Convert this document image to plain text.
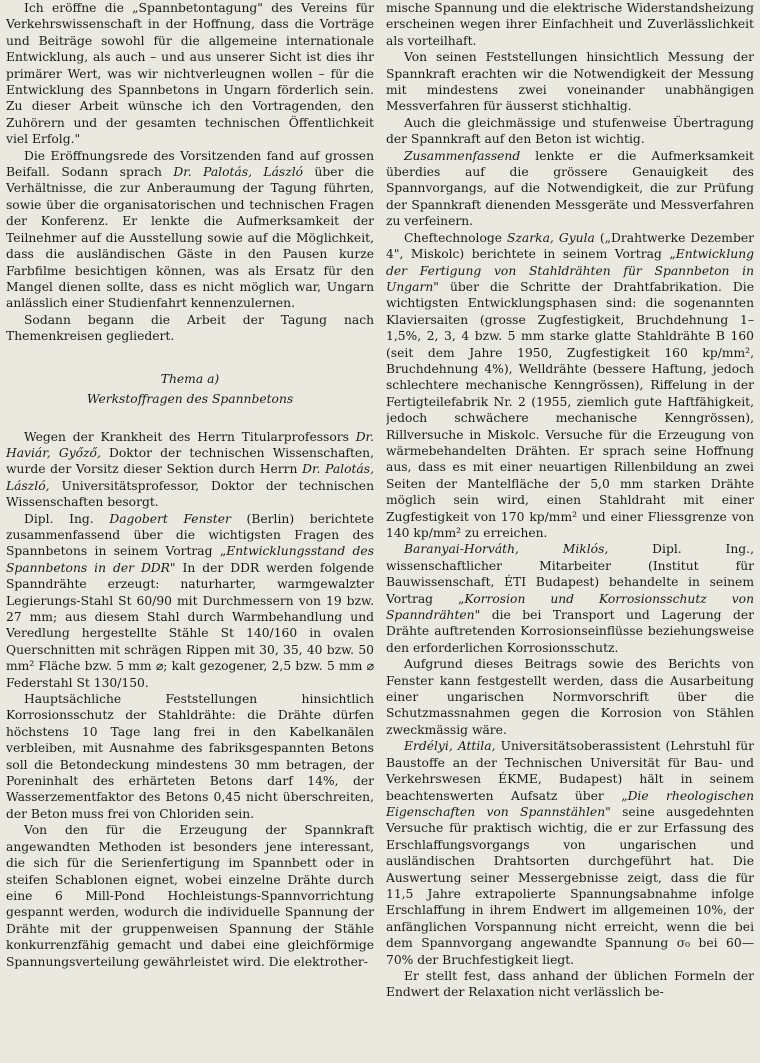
Ich eröffne die „Spannbetontagung" des Vereins für Verkehrswissenschaft in der Hoffnung, dass die Vorträge und Beiträge sowohl für die allgemeine internationale Entwicklung, als auch – und aus unserer Sicht ist dies ihr primärer Wert, was wir nichtverleugnen wollen – für die Entwicklung des Spannbetons in Ungarn förderlich sein. Zu dieser Arbeit wünsche ich den Vortragenden, den Zuhörern und der gesamten technischen Öffentlichkeit viel Erfolg."

Die Eröffnungsrede des Vorsitzenden fand auf grossen Beifall. Sodann sprach Dr. Palotás, László über die Verhältnisse, die zur Anberaumung der Tagung führten, sowie über die organisatorischen und technischen Fragen der Konferenz. Er lenkte die Aufmerksamkeit der Teilnehmer auf die Ausstellung sowie auf die Möglichkeit, dass die ausländischen Gäste in den Pausen kurze Farbfilme besichtigen können, was als Ersatz für den Mangel dienen sollte, dass es nicht möglich war, Ungarn anlässlich einer Studienfahrt kennenzulernen.

Sodann begann die Arbeit der Tagung nach Themenkreisen gegliedert.

Thema a)
Werkstoffragen des Spannbetons

Wegen der Krankheit des Herrn Titularprofessors Dr. Haviár, Győző, Doktor der technischen Wissenschaften, wurde der Vorsitz dieser Sektion durch Herrn Dr. Palotás, László, Universitätsprofessor, Doktor der technischen Wissenschaften besorgt.

Dipl. Ing. Dagobert Fenster (Berlin) berichtete zusammenfassend über die wichtigsten Fragen des Spannbetons in seinem Vortrag „Entwicklungsstand des Spannbetons in der DDR" In der DDR werden folgende Spanndrähte erzeugt: naturharter, warmgewalzter Legierungs-Stahl St 60/90 mit Durchmessern von 19 bzw. 27 mm; aus diesem Stahl durch Warmbehandlung und Veredlung hergestellte Stähle St 140/160 in ovalen Querschnitten mit schrägen Rippen mit 30, 35, 40 bzw. 50 mm² Fläche bzw. 5 mm ⌀; kalt gezogener, 2,5 bzw. 5 mm ⌀ Federstahl St 130/150.

Hauptsächliche Feststellungen hinsichtlich Korrosionsschutz der Stahldrähte: die Drähte dürfen höchstens 10 Tage lang frei in den Kabelkanälen verbleiben, mit Ausnahme des fabriksgespannten Betons soll die Betondeckung mindestens 30 mm betragen, der Poreninhalt des erhärteten Betons darf 14%, der Wasserzementfaktor des Betons 0,45 nicht überschreiten, der Beton muss frei von Chloriden sein.

Von den für die Erzeugung der Spannkraft angewandten Methoden ist besonders jene interessant, die sich für die Serienfertigung im Spannbett oder in steifen Schablonen eignet, wobei einzelne Drähte durch eine 6 Mill-Pond Hochleistungs-Spannvorrichtung gespannt werden, wodurch die individuelle Spannung der Drähte mit der gruppenweisen Spannung der Stähle konkurrenzfähig gemacht und dabei eine gleichförmige Spannungsverteilung gewährleistet wird. Die elektrother-

mische Spannung und die elektrische Widerstandsheizung erscheinen wegen ihrer Einfachheit und Zuverlässlichkeit als vorteilhaft.

Von seinen Feststellungen hinsichtlich Messung der Spannkraft erachten wir die Notwendigkeit der Messung mit mindestens zwei voneinander unabhängigen Messverfahren für äusserst stichhaltig.

Auch die gleichmässige und stufenweise Übertragung der Spannkraft auf den Beton ist wichtig.

Zusammenfassend lenkte er die Aufmerksamkeit überdies auf die grössere Genauigkeit des Spannvorgangs, auf die Notwendigkeit, die zur Prüfung der Spannkraft dienenden Messgeräte und Messverfahren zu verfeinern.

Cheftechnologe Szarka, Gyula („Drahtwerke Dezember 4", Miskolc) berichtete in seinem Vortrag „Entwicklung der Fertigung von Stahldrähten für Spannbeton in Ungarn" über die Schritte der Drahtfabrikation. Die wichtigsten Entwicklungsphasen sind: die sogenannten Klaviersaiten (grosse Zugfestigkeit, Bruchdehnung 1–1,5%, 2, 3, 4 bzw. 5 mm starke glatte Stahldrähte B 160 (seit dem Jahre 1950, Zugfestigkeit 160 kp/mm², Bruchdehnung 4%), Welldrähte (bessere Haftung, jedoch schlechtere mechanische Kenngrössen), Riffelung in der Fertigteilefabrik Nr. 2 (1955, ziemlich gute Haftfähigkeit, jedoch schwächere mechanische Kenngrössen), Rillversuche in Miskolc. Versuche für die Erzeugung von wärmebehandelten Drähten. Er sprach seine Hoffnung aus, dass es mit einer neuartigen Rillenbildung an zwei Seiten der Mantelfläche der 5,0 mm starken Drähte möglich sein wird, einen Stahldraht mit einer Zugfestigkeit von 170 kp/mm² und einer Fliessgrenze von 140 kp/mm² zu erreichen.

Baranyai-Horváth, Miklós, Dipl. Ing., wissenschaftlicher Mitarbeiter (Institut für Bauwissenschaft, ÉTI Budapest) behandelte in seinem Vortrag „Korrosion und Korrosionsschutz von Spanndrähten" die bei Transport und Lagerung der Drähte auftretenden Korrosionseinflüsse beziehungsweise den erforderlichen Korrosionsschutz.

Aufgrund dieses Beitrags sowie des Berichts von Fenster kann festgestellt werden, dass die Ausarbeitung einer ungarischen Normvorschrift über die Schutzmassnahmen gegen die Korrosion von Stählen zweckmässig wäre.

Erdélyi, Attila, Universitätsoberassistent (Lehrstuhl für Baustoffe an der Technischen Universität für Bau- und Verkehrswesen ÉKME, Budapest) hält in seinem beachtenswerten Aufsatz über „Die rheologischen Eigenschaften von Spannstählen" seine ausgedehnten Versuche für praktisch wichtig, die er zur Erfassung des Erschlaffungsvorgangs von ungarischen und ausländischen Drahtsorten durchgeführt hat. Die Auswertung seiner Messergebnisse zeigt, dass die für 11,5 Jahre extrapolierte Spannungsabnahme infolge Erschlaffung in ihrem Endwert im allgemeinen 10%, der anfänglichen Vorspannung nicht erreicht, wenn die bei dem Spannvorgang angewandte Spannung σ₀ bei 60—70% der Bruchfestigkeit liegt.

Er stellt fest, dass anhand der üblichen Formeln der Endwert der Relaxation nicht verlässlich be-
